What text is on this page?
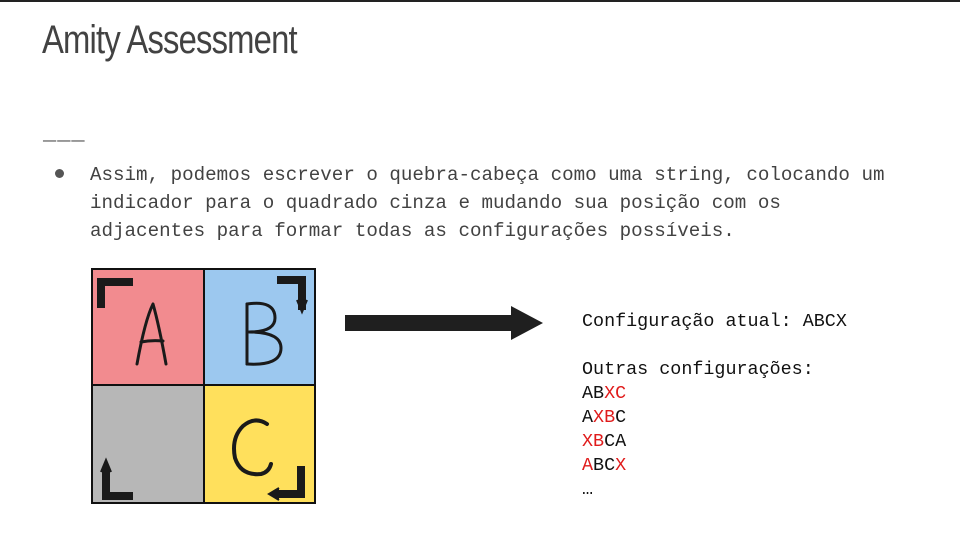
Amity Assessment
___
Assim, podemos escrever o quebra-cabeça como uma string, colocando um
indicador para o quadrado cinza e mudando sua posição com os
adjacentes para formar todas as configurações possíveis.
Configuração atual: ABCX
Outras configurações:
ABXC
AXBC
XBCA
ABCX
…
